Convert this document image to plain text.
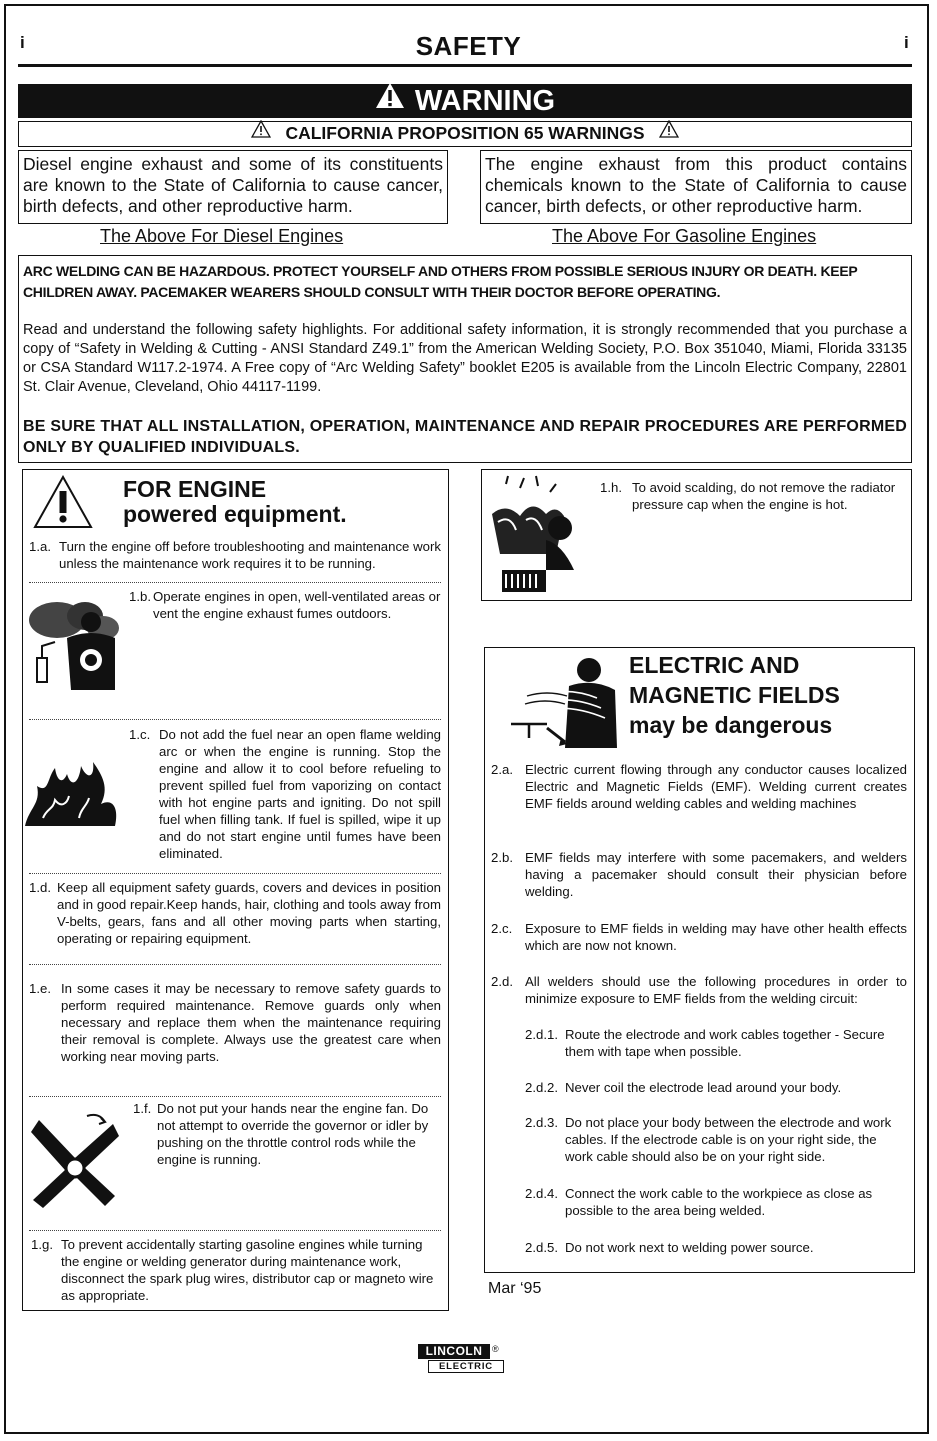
i	i
SAFETY
WARNING
CALIFORNIA PROPOSITION 65 WARNINGS
Diesel engine exhaust and some of its constituents are known to the State of California to cause cancer, birth defects, and other reproductive harm.
The engine exhaust from this product contains chemicals known to the State of California to cause cancer, birth defects, or other reproductive harm.
The Above For Diesel Engines	The Above For Gasoline Engines
ARC WELDING CAN BE HAZARDOUS. PROTECT YOURSELF AND OTHERS FROM POSSIBLE SERIOUS INJURY OR DEATH. KEEP CHILDREN AWAY. PACEMAKER WEARERS SHOULD CONSULT WITH THEIR DOCTOR BEFORE OPERATING.
Read and understand the following safety highlights. For additional safety information, it is strongly recommended that you purchase a copy of “Safety in Welding & Cutting - ANSI Standard Z49.1” from the American Welding Society, P.O. Box 351040, Miami, Florida 33135 or CSA Standard W117.2-1974. A Free copy of “Arc Welding Safety” booklet E205 is available from the Lincoln Electric Company, 22801 St. Clair Avenue, Cleveland, Ohio 44117-1199.
BE SURE THAT ALL INSTALLATION, OPERATION, MAINTENANCE AND REPAIR PROCEDURES ARE PERFORMED ONLY BY QUALIFIED INDIVIDUALS.
FOR ENGINE
powered equipment.
1.a. Turn the engine off before troubleshooting and maintenance work unless the maintenance work requires it to be running.
1.b. Operate engines in open, well-ventilated areas or vent the engine exhaust fumes outdoors.
1.c. Do not add the fuel near an open flame welding arc or when the engine is running. Stop the engine and allow it to cool before refueling to prevent spilled fuel from vaporizing on contact with hot engine parts and igniting. Do not spill fuel when filling tank. If fuel is spilled, wipe it up and do not start engine until fumes have been eliminated.
1.d. Keep all equipment safety guards, covers and devices in position and in good repair.Keep hands, hair, clothing and tools away from V-belts, gears, fans and all other moving parts when starting, operating or repairing equipment.
1.e. In some cases it may be necessary to remove safety guards to perform required maintenance. Remove guards only when necessary and replace them when the maintenance requiring their removal is complete. Always use the greatest care when working near moving parts.
1.f. Do not put your hands near the engine fan. Do not attempt to override the governor or idler by pushing on the throttle control rods while the engine is running.
1.g. To prevent accidentally starting gasoline engines while turning the engine or welding generator during maintenance work, disconnect the spark plug wires, distributor cap or magneto wire as appropriate.
1.h. To avoid scalding, do not remove the radiator pressure cap when the engine is hot.
ELECTRIC AND
MAGNETIC FIELDS
may be dangerous
2.a. Electric current flowing through any conductor causes localized Electric and Magnetic Fields (EMF). Welding current creates EMF fields around welding cables and welding machines
2.b. EMF fields may interfere with some pacemakers, and welders having a pacemaker should consult their physician before welding.
2.c. Exposure to EMF fields in welding may have other health effects which are now not known.
2.d. All welders should use the following procedures in order to minimize exposure to EMF fields from the welding circuit:
2.d.1. Route the electrode and work cables together - Secure them with tape when possible.
2.d.2. Never coil the electrode lead around your body.
2.d.3. Do not place your body between the electrode and work cables. If the electrode cable is on your right side, the work cable should also be on your right side.
2.d.4. Connect the work cable to the workpiece as close as possible to the area being welded.
2.d.5. Do not work next to welding power source.
Mar ‘95
LINCOLN	®
ELECTRIC
